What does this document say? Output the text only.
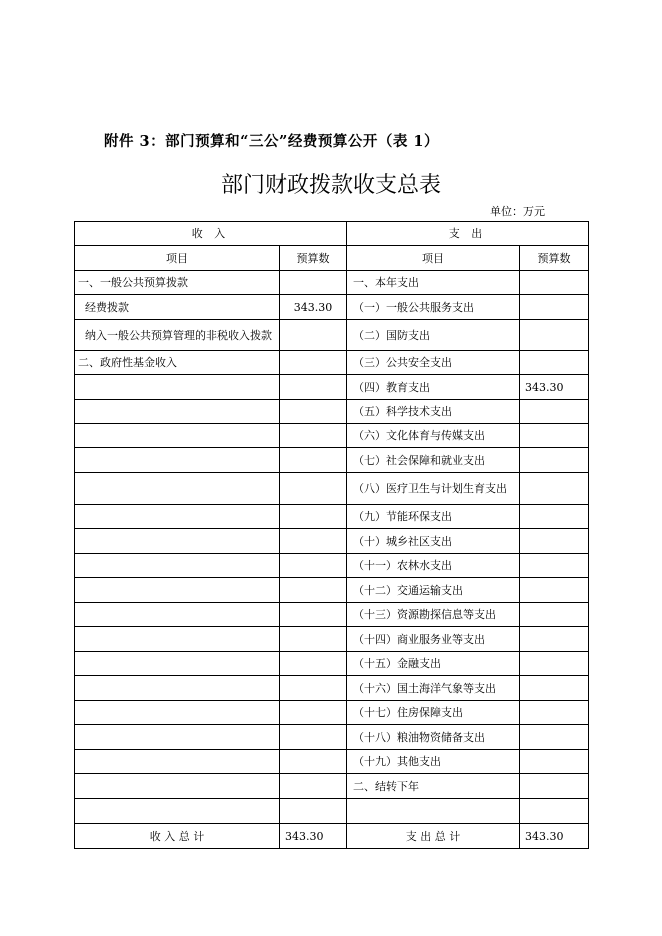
附件 3：部门预算和“三公”经费预算公开（表 1）
部门财政拨款收支总表
单位：万元
收 入		支 出	
项目	预算数	项目	预算数
一、一般公共预算拨款		一、本年支出	
经费拨款	343.30	（一）一般公共服务支出	
纳入一般公共预算管理的非税收入拨款		（二）国防支出	
二、政府性基金收入		（三）公共安全支出	
		（四）教育支出	343.30
		（五）科学技术支出	
		（六）文化体育与传媒支出	
		（七）社会保障和就业支出	
		（八）医疗卫生与计划生育支出	
		（九）节能环保支出	
		（十）城乡社区支出	
		（十一）农林水支出	
		（十二）交通运输支出	
		（十三）资源勘探信息等支出	
		（十四）商业服务业等支出	
		（十五）金融支出	
		（十六）国土海洋气象等支出	
		（十七）住房保障支出	
		（十八）粮油物资储备支出	
		（十九）其他支出	
		二、结转下年	

收 入 总 计	343.30	支 出 总 计	343.30
